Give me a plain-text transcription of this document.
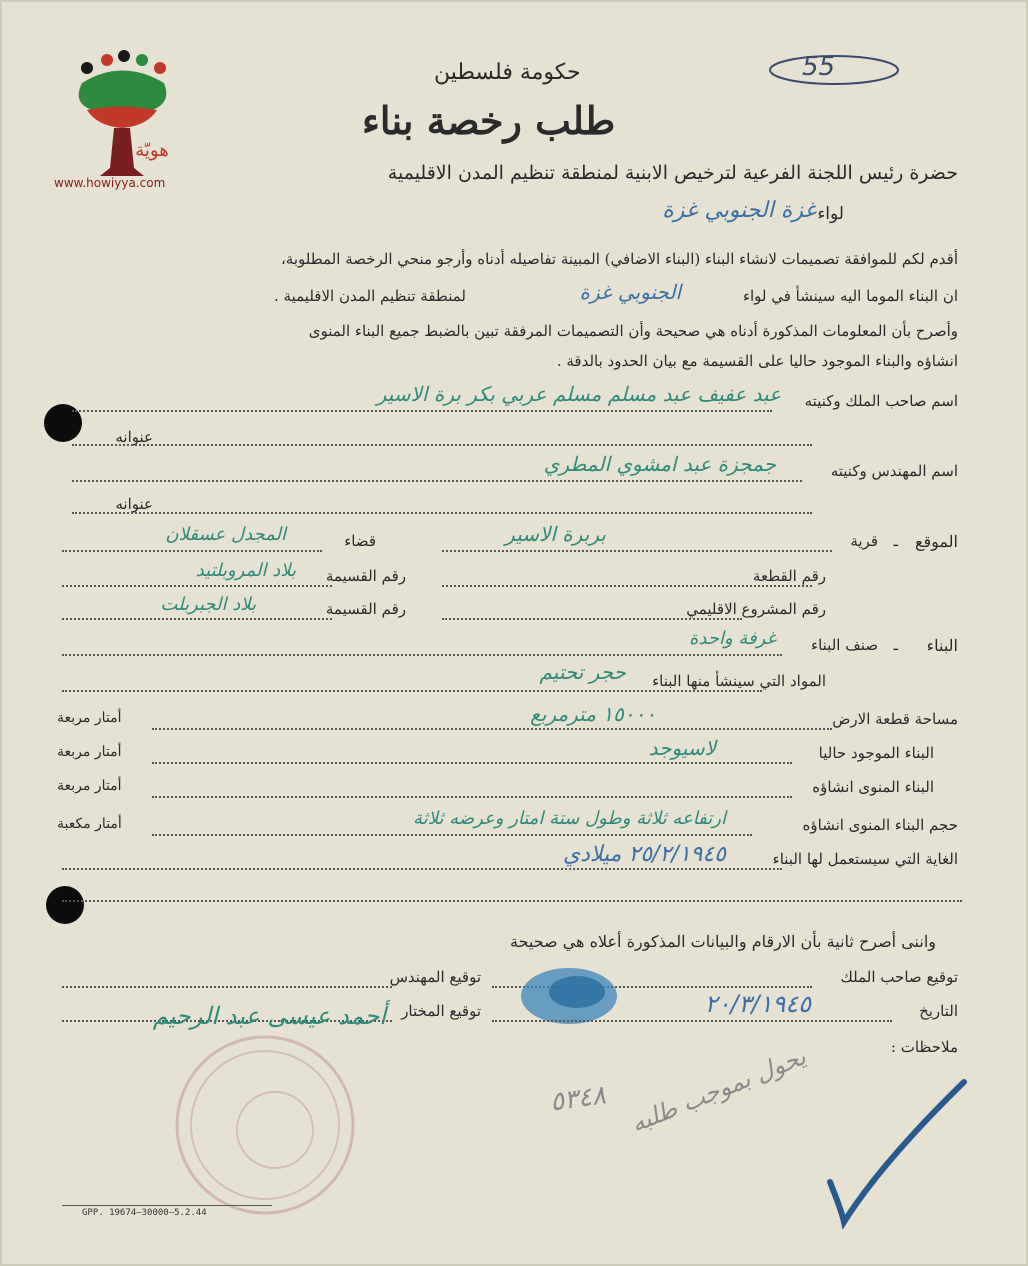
هويّة
www.howiyya.com
55
حكومة فلسطين
طلب رخصة بناء
حضرة رئيس اللجنة الفرعية لترخيص الابنية لمنطقة تنظيم المدن الاقليمية
لواء
غزة الجنوبي غزة
أقدم لكم للموافقة تصميمات لانشاء البناء (البناء الاضافي) المبينة تفاصيله أدناه وأرجو منحي الرخصة المطلوبة،
ان البناء الموما اليه سينشأ في لواء
الجنوبي غزة
لمنطقة تنظيم المدن الاقليمية .
وأصرح بأن المعلومات المذكورة أدناه هي صحيحة وأن التصميمات المرفقة تبين بالضبط جميع البناء المنوى
انشاؤه والبناء الموجود حاليا على القسيمة مع بيان الحدود بالدقة .
اسم صاحب الملك وكنيته
عبد عفيف عبد مسلم مسلم عربي بكر برة الاسير
عنوانه
اسم المهندس وكنيته
جمجزة عبد امشوي المطري
عنوانه
الموقع
ـ
قرية
بربرة الاسير
قضاء
المجدل عسقلان
رقم القطعة
رقم القسيمة
بلاد المروبلتيد
رقم المشروع الاقليمي
رقم القسيمة
بلاد الجبربلت
البناء
ـ
صنف البناء
غرفة واحدة
المواد التي سينشأ منها البناء
حجر تحتيم
مساحة قطعة الارض
١٥٠٠٠ مترمربع
أمتار مربعة
البناء الموجود حاليا
لاسيوجد
أمتار مربعة
البناء المنوى انشاؤه
أمتار مربعة
حجم البناء المنوى انشاؤه
ارتفاعه ثلاثة وطول ستة امتار وعرضه ثلاثة
أمتار مكعبة
الغاية التي سيستعمل لها البناء
٢٥/٢/١٩٤٥ ميلادي
واننى أصرح ثانية بأن الارقام والبيانات المذكورة أعلاه هي صحيحة
توقيع صاحب الملك
توقيع المهندس
التاريخ
٢٠/٣/١٩٤٥
توقيع المختار
أحمد عيسى عبد الرحيم
ملاحظات :
٥٣٤٨ يحول بموجب طلبه
GPP. 19674—30000—5.2.44
